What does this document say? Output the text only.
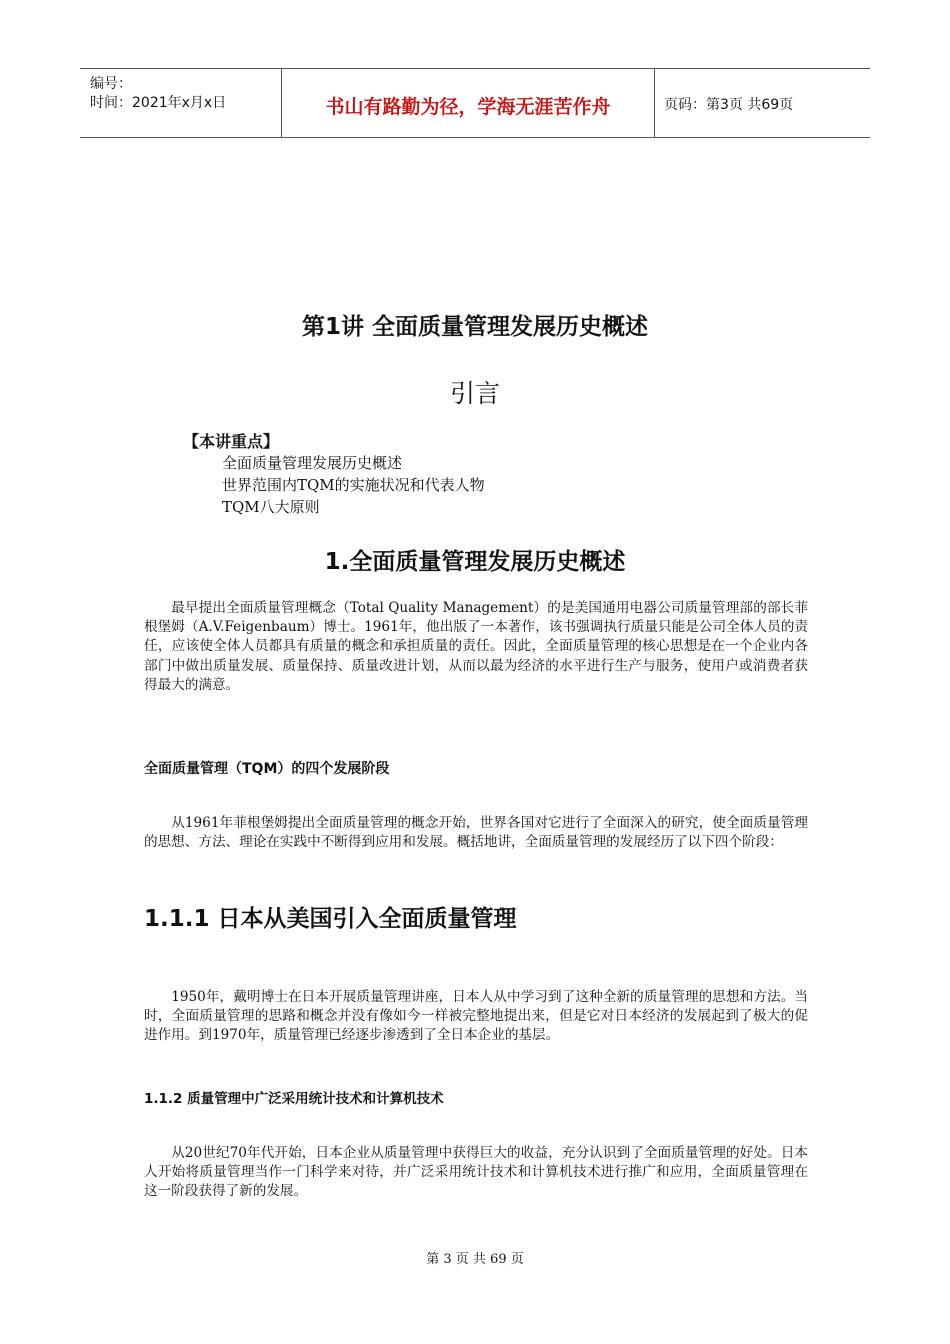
编号：
时间：2021年x月x日	书山有路勤为径，学海无涯苦作舟	页码：第3页 共69页
第1讲 全面质量管理发展历史概述
引言
【本讲重点】
全面质量管理发展历史概述
世界范围内TQM的实施状况和代表人物
TQM八大原则
1.全面质量管理发展历史概述

最早提出全面质量管理概念（Total Quality Management）的是美国通用电器公司质量管理部的部长菲根堡姆（A.V.Feigenbaum）博士。1961年，他出版了一本著作，该书强调执行质量只能是公司全体人员的责任，应该使全体人员都具有质量的概念和承担质量的责任。因此，全面质量管理的核心思想是在一个企业内各部门中做出质量发展、质量保持、质量改进计划，从而以最为经济的水平进行生产与服务，使用户或消费者获得最大的满意。

全面质量管理（TQM）的四个发展阶段

从1961年菲根堡姆提出全面质量管理的概念开始，世界各国对它进行了全面深入的研究，使全面质量管理的思想、方法、理论在实践中不断得到应用和发展。概括地讲，全面质量管理的发展经历了以下四个阶段：

1.1.1 日本从美国引入全面质量管理

1950年，戴明博士在日本开展质量管理讲座，日本人从中学习到了这种全新的质量管理的思想和方法。当时，全面质量管理的思路和概念并没有像如今一样被完整地提出来，但是它对日本经济的发展起到了极大的促进作用。到1970年，质量管理已经逐步渗透到了全日本企业的基层。

1.1.2 质量管理中广泛采用统计技术和计算机技术

从20世纪70年代开始，日本企业从质量管理中获得巨大的收益，充分认识到了全面质量管理的好处。日本人开始将质量管理当作一门科学来对待，并广泛采用统计技术和计算机技术进行推广和应用，全面质量管理在这一阶段获得了新的发展。

第 3 页 共 69 页
